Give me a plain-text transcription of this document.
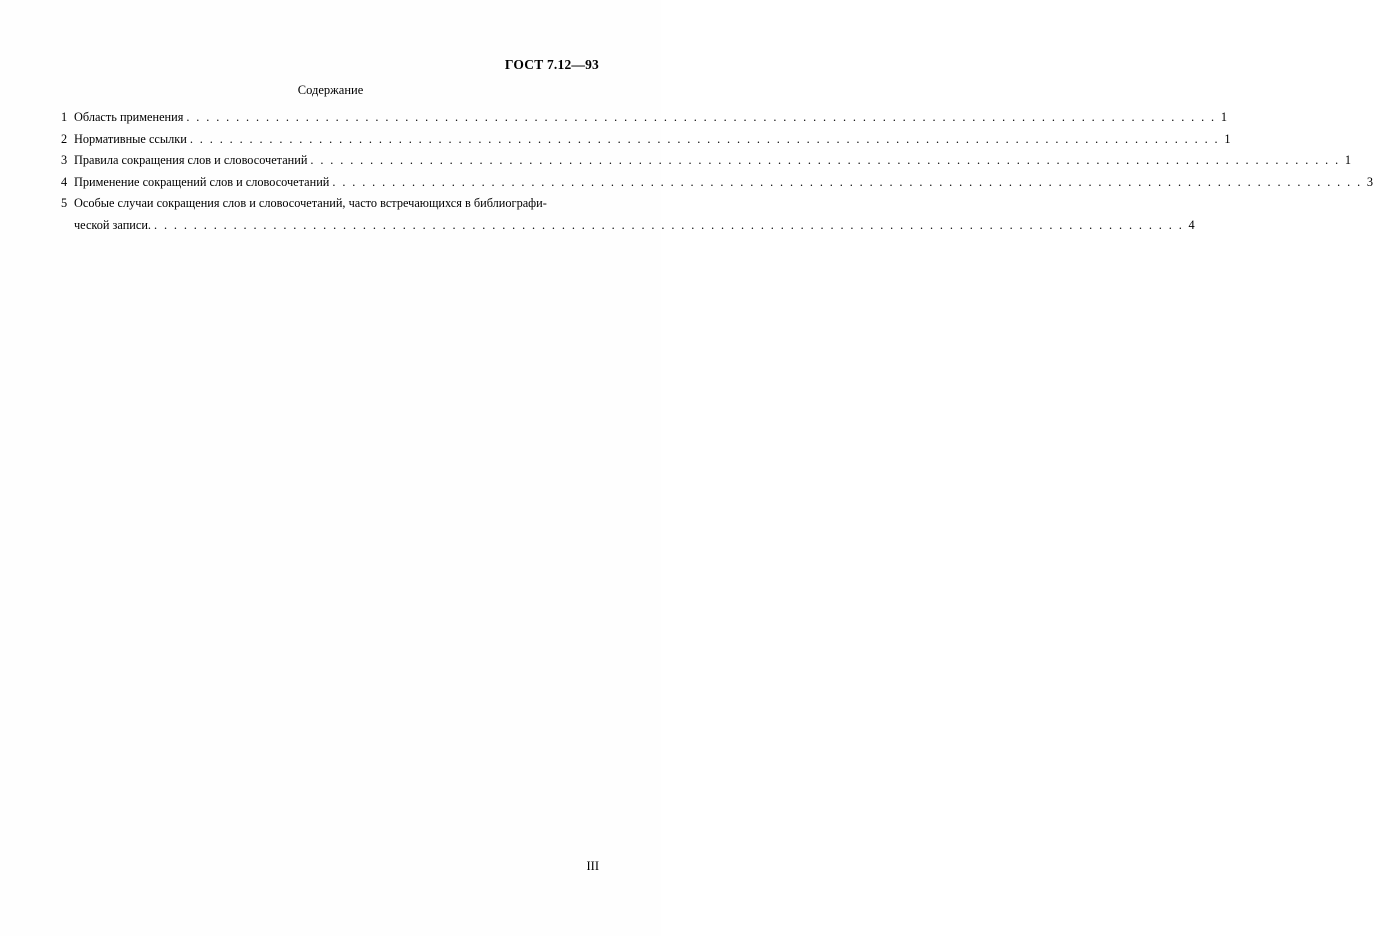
ГОСТ 7.12—93
Содержание
1 Область применения . . . . . . . . . . . . . . . . . . . . . . . . . . . . . . . . . . . . . . . . . . . . . . . . . . . . . . . . . . . . . . . . . . . . . . . . . . . . . . . . . . . . . . . . . . . . . . . . . . . . . . . . 1
2 Нормативные ссылки . . . . . . . . . . . . . . . . . . . . . . . . . . . . . . . . . . . . . . . . . . . . . . . . . . . . . . . . . . . . . . . . . . . . . . . . . . . . . . . . . . . . . . . . . . . . . . . . . . . . . . . . 1
3 Правила сокращения слов и словосочетаний . . . . . . . . . . . . . . . . . . . . . . . . . . . . . . . . . . . . . . . . . . . . . . . . . . . . . . . . . . . . . . . . . . . . . . . . . . . . . . . . . . . . . . . . . . . . . . . . . . . . . . . . 1
4 Применение сокращений слов и словосочетаний . . . . . . . . . . . . . . . . . . . . . . . . . . . . . . . . . . . . . . . . . . . . . . . . . . . . . . . . . . . . . . . . . . . . . . . . . . . . . . . . . . . . . . . . . . . . . . . . . . . . . . . . 3
5 Особые случаи сокращения слов и словосочетаний, часто встречающихся в библиографи-
ческой записи. . . . . . . . . . . . . . . . . . . . . . . . . . . . . . . . . . . . . . . . . . . . . . . . . . . . . . . . . . . . . . . . . . . . . . . . . . . . . . . . . . . . . . . . . . . . . . . . . . . . . . . . . 4
III
